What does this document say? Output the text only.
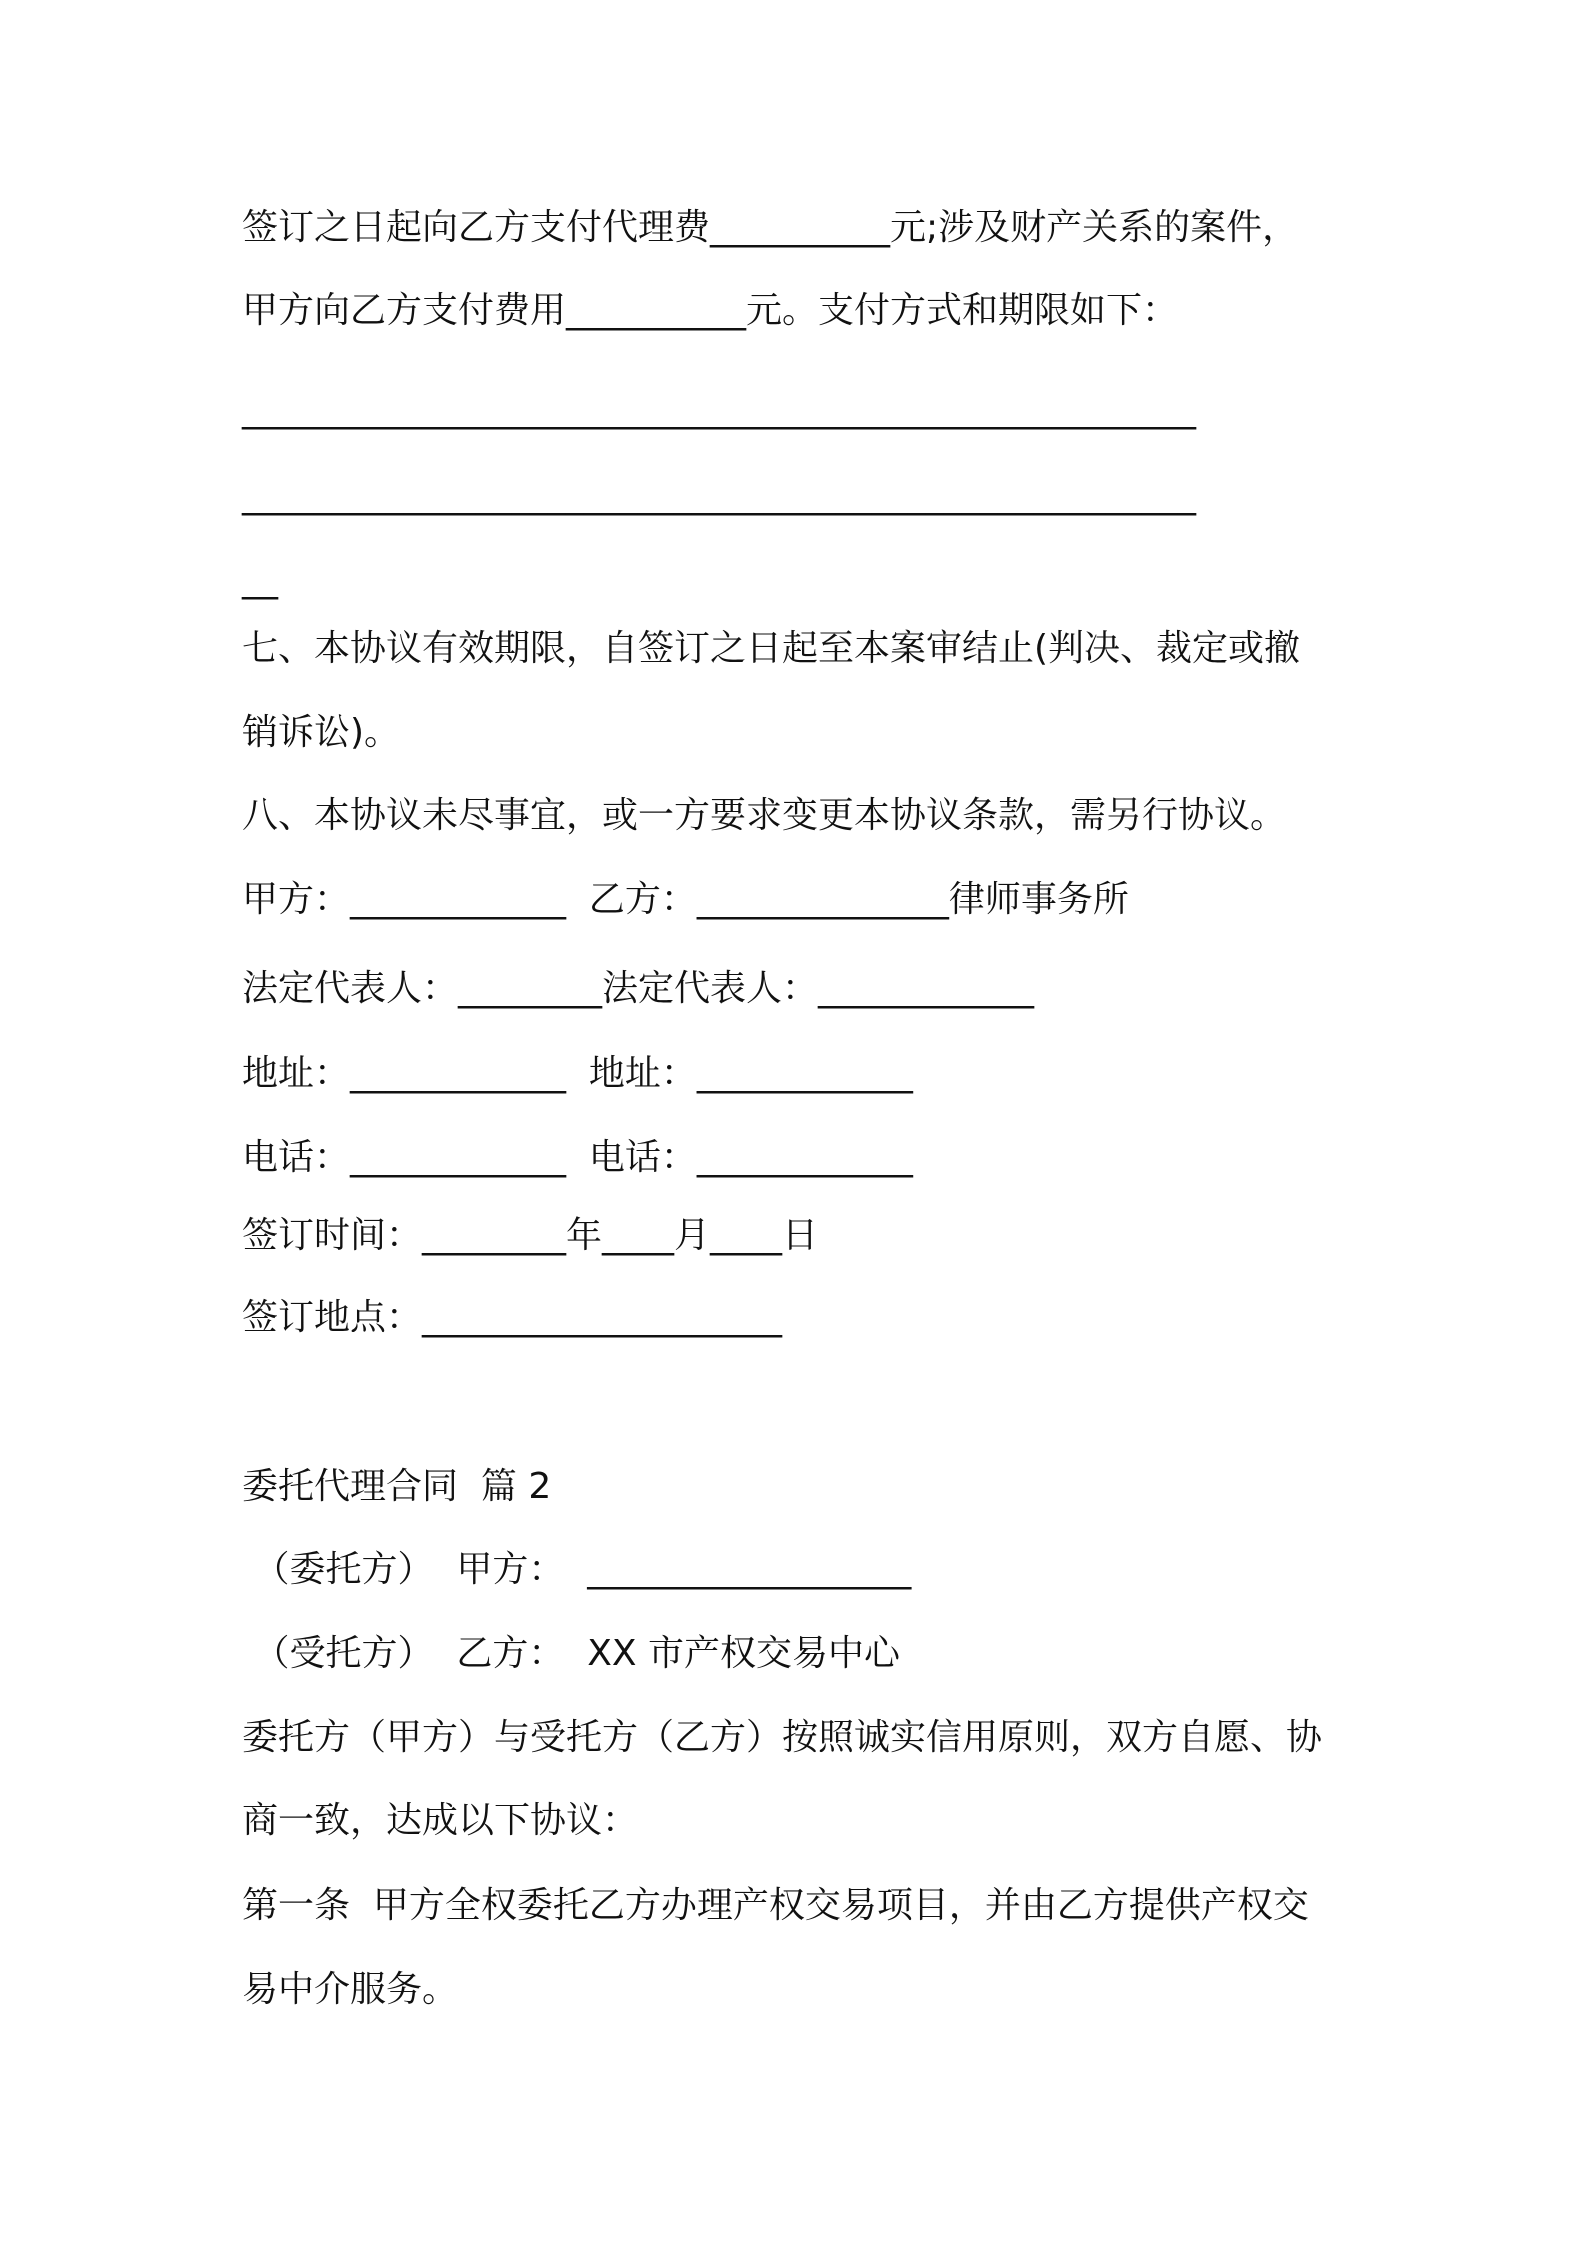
签订之日起向乙方支付代理费__________元;涉及财产关系的案件，
甲方向乙方支付费用__________元。支付方式和期限如下：
_____________________________________________________
_____________________________________________________
__
七、本协议有效期限，自签订之日起至本案审结止(判决、裁定或撤
销诉讼)。
八、本协议未尽事宜，或一方要求变更本协议条款，需另行协议。
甲方：____________  乙方：______________律师事务所
法定代表人：________法定代表人：____________
地址：____________  地址：____________
电话：____________  电话：____________
签订时间：________年____月____日
签订地点：____________________
委托代理合同  篇 2
（委托方）  甲方：  __________________
（受托方）  乙方：  XX 市产权交易中心
委托方（甲方）与受托方（乙方）按照诚实信用原则，双方自愿、协
商一致，达成以下协议：
第一条  甲方全权委托乙方办理产权交易项目，并由乙方提供产权交
易中介服务。
